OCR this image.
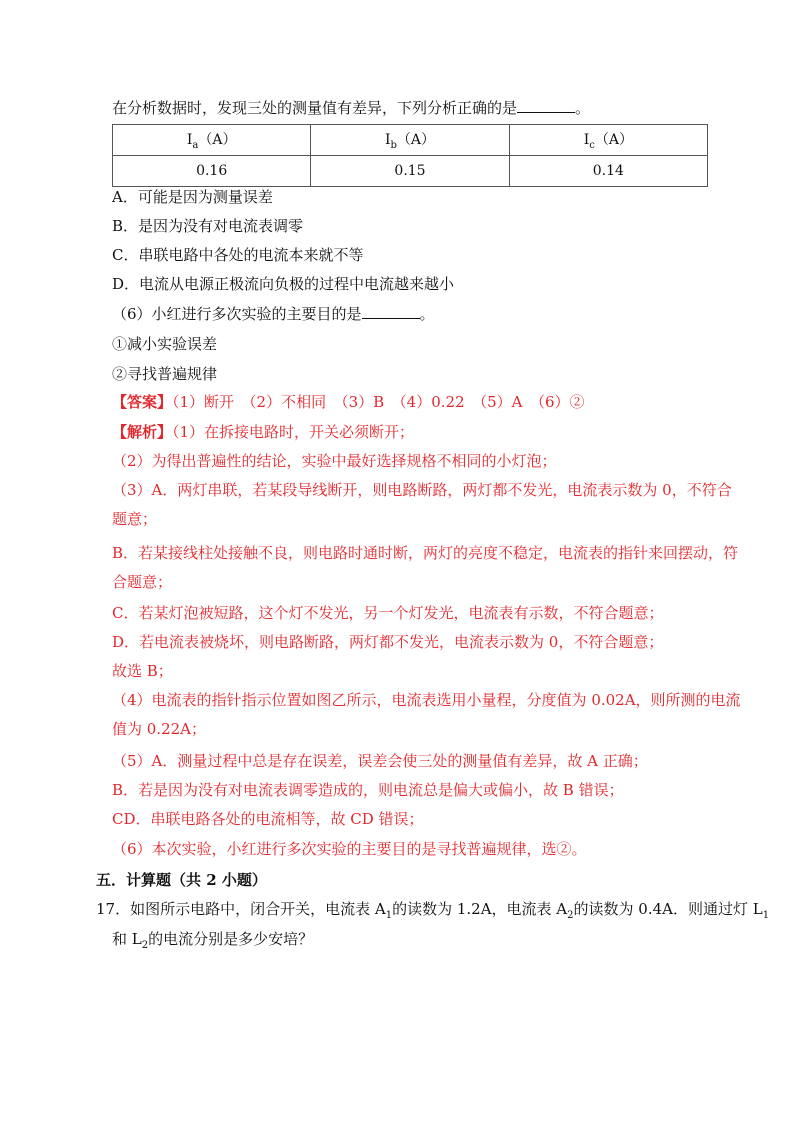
在分析数据时，发现三处的测量值有差异，下列分析正确的是	。
$I_a(A)$	$I_b(A)$	$I_c(A)$
0.16	0.15	0.14
A．可能是因为测量误差
B．是因为没有对电流表调零
C．串联电路中各处的电流本来就不等
D．电流从电源正极流向负极的过程中电流越来越小
（6）小红进行多次实验的主要目的是	。
①减小实验误差
②寻找普遍规律
【答案】（1）断开　（2）不相同　（3）B　（4）0.22　（5）A　（6）②
【解析】（1）在拆接电路时，开关必须断开；
（2）为得出普遍性的结论，实验中最好选择规格不相同的小灯泡；
（3）A．两灯串联，若某段导线断开，则电路断路，两灯都不发光，电流表示数为 0，不符合
题意；
B．若某接线柱处接触不良，则电路时通时断，两灯的亮度不稳定，电流表的指针来回摆动，符
合题意；
C．若某灯泡被短路，这个灯不发光，另一个灯发光，电流表有示数，不符合题意；
D．若电流表被烧坏，则电路断路，两灯都不发光，电流表示数为 0，不符合题意；
故选 B；
（4）电流表的指针指示位置如图乙所示，电流表选用小量程，分度值为 0.02A，则所测的电流
值为 0.22A；
（5）A．测量过程中总是存在误差，误差会使三处的测量值有差异，故 A 正确；
B．若是因为没有对电流表调零造成的，则电流总是偏大或偏小，故 B 错误；
CD．串联电路各处的电流相等，故 CD 错误；
（6）本次实验，小红进行多次实验的主要目的是寻找普遍规律，选②。
五．计算题（共 2 小题）
17．如图所示电路中，闭合开关，电流表 $A_1$的读数为 1.2A，电流表 $A_2$的读数为 0.4A．则通过灯 $L_1$
和 $L_2$的电流分别是多少安培？
